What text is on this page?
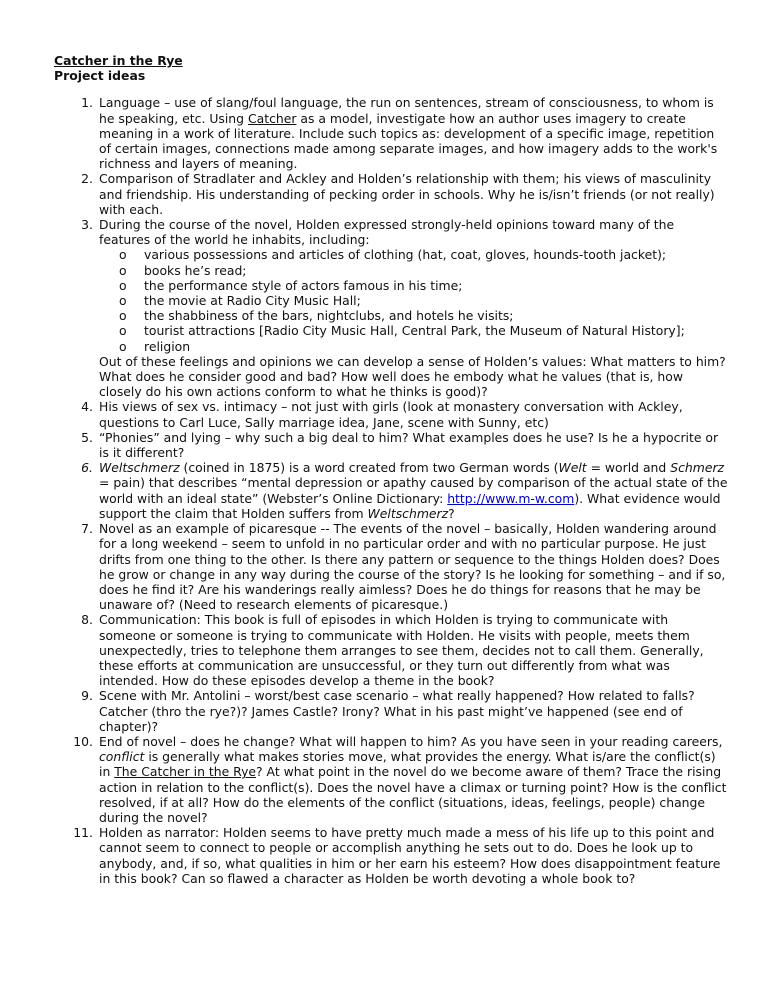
Catcher in the Rye
Project ideas
1. Language – use of slang/foul language, the run on sentences, stream of consciousness, to whom is he speaking, etc. Using Catcher as a model, investigate how an author uses imagery to create meaning in a work of literature. Include such topics as: development of a specific image, repetition of certain images, connections made among separate images, and how imagery adds to the work's richness and layers of meaning.
2. Comparison of Stradlater and Ackley and Holden’s relationship with them; his views of masculinity and friendship. His understanding of pecking order in schools. Why he is/isn’t friends (or not really) with each.
3. During the course of the novel, Holden expressed strongly-held opinions toward many of the features of the world he inhabits, including:
o various possessions and articles of clothing (hat, coat, gloves, hounds-tooth jacket);
o books he’s read;
o the performance style of actors famous in his time;
o the movie at Radio City Music Hall;
o the shabbiness of the bars, nightclubs, and hotels he visits;
o tourist attractions [Radio City Music Hall, Central Park, the Museum of Natural History];
o religion
Out of these feelings and opinions we can develop a sense of Holden’s values: What matters to him? What does he consider good and bad? How well does he embody what he values (that is, how closely do his own actions conform to what he thinks is good)?
4. His views of sex vs. intimacy – not just with girls (look at monastery conversation with Ackley, questions to Carl Luce, Sally marriage idea, Jane, scene with Sunny, etc)
5. “Phonies” and lying – why such a big deal to him? What examples does he use? Is he a hypocrite or is it different?
6. Weltschmerz (coined in 1875) is a word created from two German words (Welt = world and Schmerz = pain) that describes “mental depression or apathy caused by comparison of the actual state of the world with an ideal state” (Webster’s Online Dictionary: http://www.m-w.com). What evidence would support the claim that Holden suffers from Weltschmerz?
7. Novel as an example of picaresque -- The events of the novel – basically, Holden wandering around for a long weekend – seem to unfold in no particular order and with no particular purpose. He just drifts from one thing to the other. Is there any pattern or sequence to the things Holden does? Does he grow or change in any way during the course of the story? Is he looking for something – and if so, does he find it? Are his wanderings really aimless? Does he do things for reasons that he may be unaware of? (Need to research elements of picaresque.)
8. Communication: This book is full of episodes in which Holden is trying to communicate with someone or someone is trying to communicate with Holden. He visits with people, meets them unexpectedly, tries to telephone them arranges to see them, decides not to call them. Generally, these efforts at communication are unsuccessful, or they turn out differently from what was intended. How do these episodes develop a theme in the book?
9. Scene with Mr. Antolini – worst/best case scenario – what really happened? How related to falls? Catcher (thro the rye?)? James Castle? Irony? What in his past might’ve happened (see end of chapter)?
10. End of novel – does he change? What will happen to him? As you have seen in your reading careers, conflict is generally what makes stories move, what provides the energy. What is/are the conflict(s) in The Catcher in the Rye? At what point in the novel do we become aware of them? Trace the rising action in relation to the conflict(s). Does the novel have a climax or turning point? How is the conflict resolved, if at all? How do the elements of the conflict (situations, ideas, feelings, people) change during the novel?
11. Holden as narrator: Holden seems to have pretty much made a mess of his life up to this point and cannot seem to connect to people or accomplish anything he sets out to do. Does he look up to anybody, and, if so, what qualities in him or her earn his esteem? How does disappointment feature in this book? Can so flawed a character as Holden be worth devoting a whole book to?
